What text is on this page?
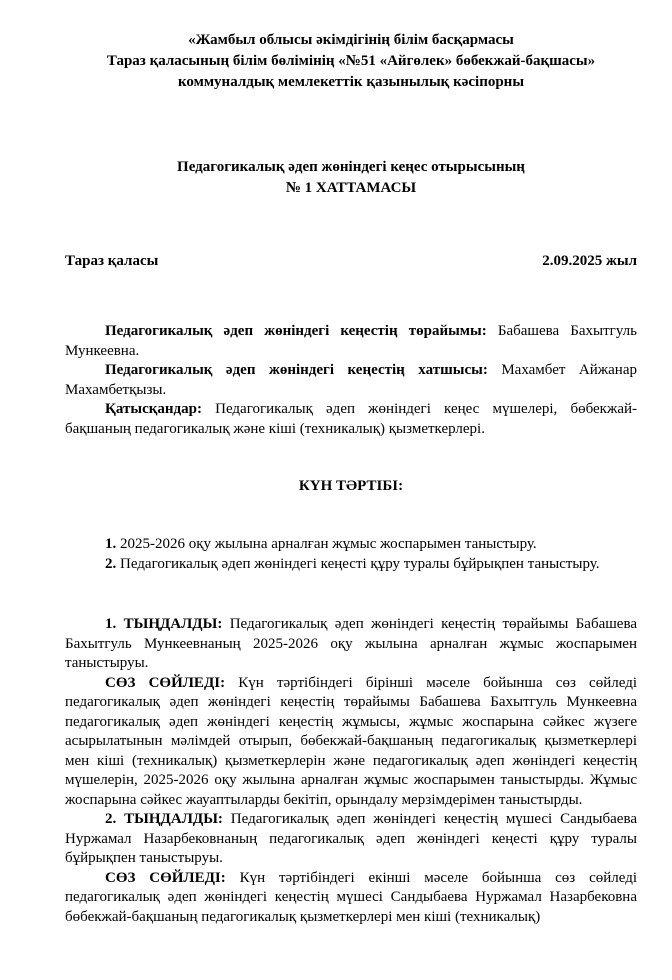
«Жамбыл облысы әкімдігінің білім басқармасы
Тараз қаласының білім бөлімінің «№51 «Айгөлек» бөбекжай-бақшасы»
коммуналдық мемлекеттік қазынылық кәсіпорны
Педагогикалық әдеп жөніндегі кеңес отырысының
№ 1 ХАТТАМАСЫ
Тараз қаласы	2.09.2025 жыл

Педагогикалық әдеп жөніндегі кеңестің төрайымы: Бабашева Бахытгуль Мункеевна.

Педагогикалық әдеп жөніндегі кеңестің хатшысы: Махамбет Айжанар Махамбетқызы.

Қатысқандар: Педагогикалық әдеп жөніндегі кеңес мүшелері, бөбекжай-бақшаның педагогикалық және кіші (техникалық) қызметкерлері.

КҮН ТӘРТІБІ:

1. 2025-2026 оқу жылына арналған жұмыс жоспарымен таныстыру.

2. Педагогикалық әдеп жөніндегі кеңесті құру туралы бұйрықпен таныстыру.

1. ТЫҢДАЛДЫ: Педагогикалық әдеп жөніндегі кеңестің төрайымы Бабашева Бахытгуль Мункеевнаның 2025-2026 оқу жылына арналған жұмыс жоспарымен таныстыруы.

СӨЗ СӨЙЛЕДІ: Күн тәртібіндегі бірінші мәселе бойынша сөз сөйледі педагогикалық әдеп жөніндегі кеңестің төрайымы Бабашева Бахытгуль Мункеевна педагогикалық әдеп жөніндегі кеңестің жұмысы, жұмыс жоспарына сәйкес жүзеге асырылатынын мәлімдей отырып, бөбекжай-бақшаның педагогикалық қызметкерлері мен кіші (техникалық) қызметкерлерін және педагогикалық әдеп жөніндегі кеңестің мүшелерін, 2025-2026 оқу жылына арналған жұмыс жоспарымен таныстырды. Жұмыс жоспарына сәйкес жауаптыларды бекітіп, орындалу мерзімдерімен таныстырды.

2. ТЫҢДАЛДЫ: Педагогикалық әдеп жөніндегі кеңестің мүшесі Сандыбаева Нуржамал Назарбековнаның педагогикалық әдеп жөніндегі кеңесті құру туралы бұйрықпен таныстыруы.

СӨЗ СӨЙЛЕДІ: Күн тәртібіндегі екінші мәселе бойынша сөз сөйледі педагогикалық әдеп жөніндегі кеңестің мүшесі Сандыбаева Нуржамал Назарбековна бөбекжай-бақшаның педагогикалық қызметкерлері мен кіші (техникалық)
